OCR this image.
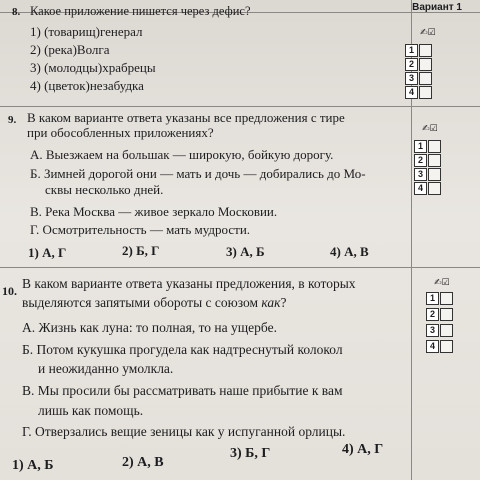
Вариант 1
8. Какое приложение пишется через дефис?
1) (товарищ)генерал
2) (река)Волга
3) (молодцы)храбрецы
4) (цветок)незабудка
✍☑
1
2
3
4
9. В каком варианте ответа указаны все предложения с тире
при обособленных приложениях?
А. Выезжаем на большак — широкую, бойкую дорогу.
Б. Зимней дорогой они — мать и дочь — добирались до Мо-
сквы несколько дней.
В. Река Москва — живое зеркало Московии.
Г. Осмотрительность — мать мудрости.
1) А, Г	2) Б, Г	3) А, Б	4) А, В
✍☑
1
2
3
4
10. В каком варианте ответа указаны предложения, в которых
выделяются запятыми обороты с союзом как?
А. Жизнь как луна: то полная, то на ущербе.
Б. Потом кукушка прогудела как надтреснутый колокол
и неожиданно умолкла.
В. Мы просили бы рассматривать наше прибытие к вам
лишь как помощь.
Г. Отверзались вещие зеницы как у испуганной орлицы.
1) А, Б	2) А, В
3) Б, Г	4) А, Г
✍☑
1
2
3
4
